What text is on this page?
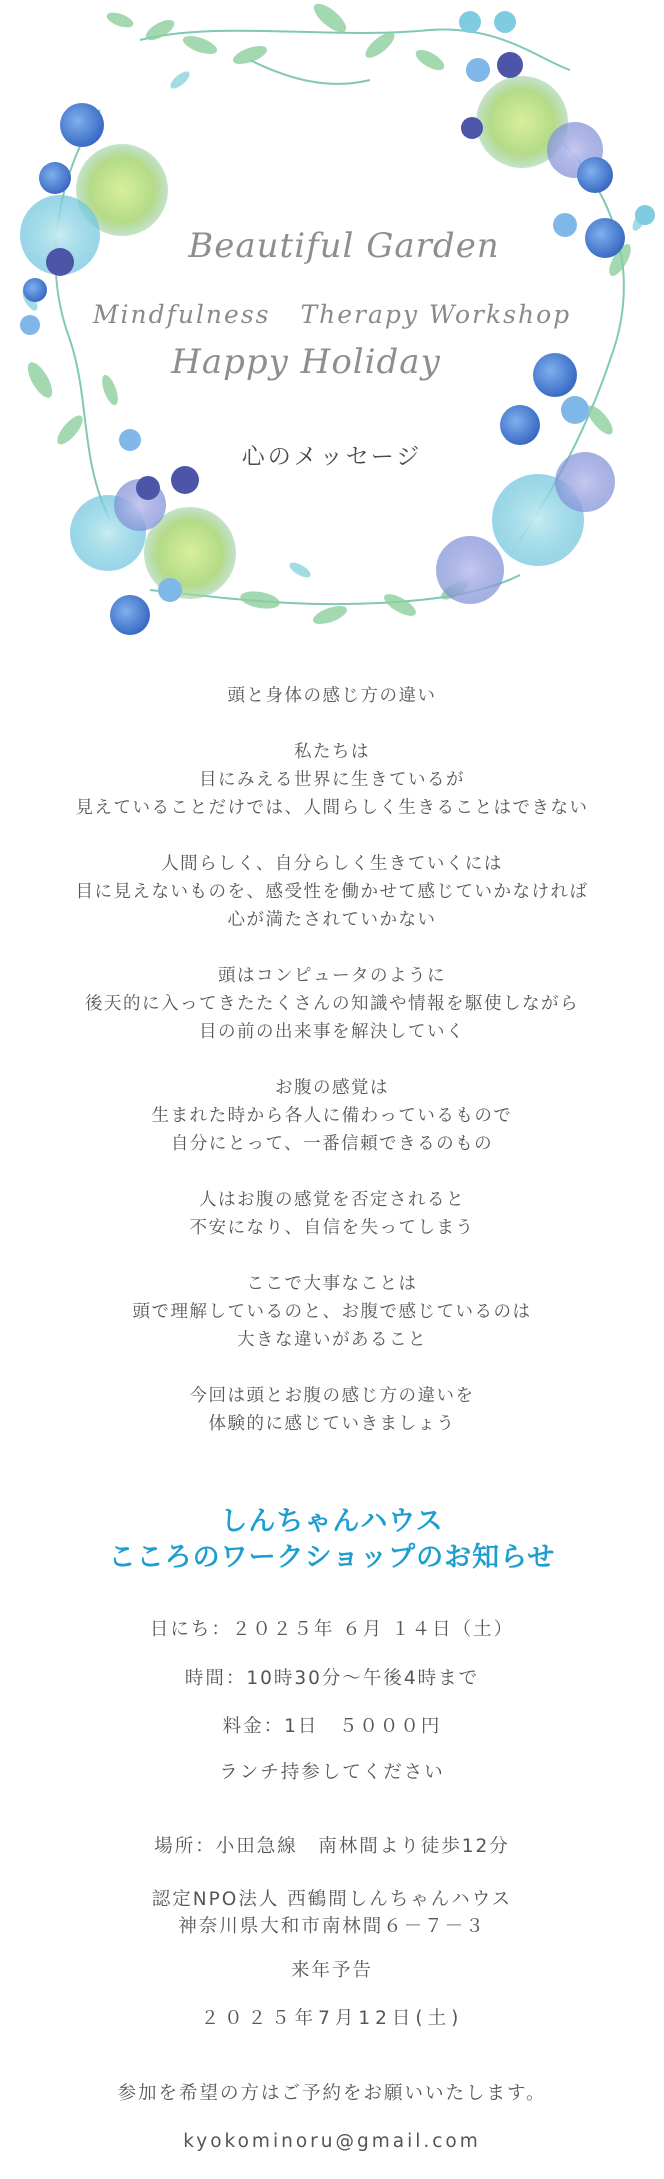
Beautiful Garden
Mindfulness Therapy Workshop
Happy Holiday
心のメッセージ

頭と身体の感じ方の違い

私たちは
目にみえる世界に生きているが
見えていることだけでは、人間らしく生きることはできない

人間らしく、自分らしく生きていくには
目に見えないものを、感受性を働かせて感じていかなければ
心が満たされていかない

頭はコンピュータのように
後天的に入ってきたたくさんの知識や情報を駆使しながら
目の前の出来事を解決していく

お腹の感覚は
生まれた時から各人に備わっているもので
自分にとって、一番信頼できるのもの

人はお腹の感覚を否定されると
不安になり、自信を失ってしまう

ここで大事なことは
頭で理解しているのと、お腹で感じているのは
大きな違いがあること

今回は頭とお腹の感じ方の違いを
体験的に感じていきましょう

しんちゃんハウス
こころのワークショップのお知らせ
日にち：２０２５年 ６月 １４日（土）
時間：10時30分～午後4時まで
料金：1日　５０００円
ランチ持参してください
場所：小田急線　南林間より徒歩12分
認定NPO法人 西鶴間しんちゃんハウス
神奈川県大和市南林間６－７－３
来年予告
２０２５年7月12日(土)
参加を希望の方はご予約をお願いいたします。
kyokominoru@gmail.com
